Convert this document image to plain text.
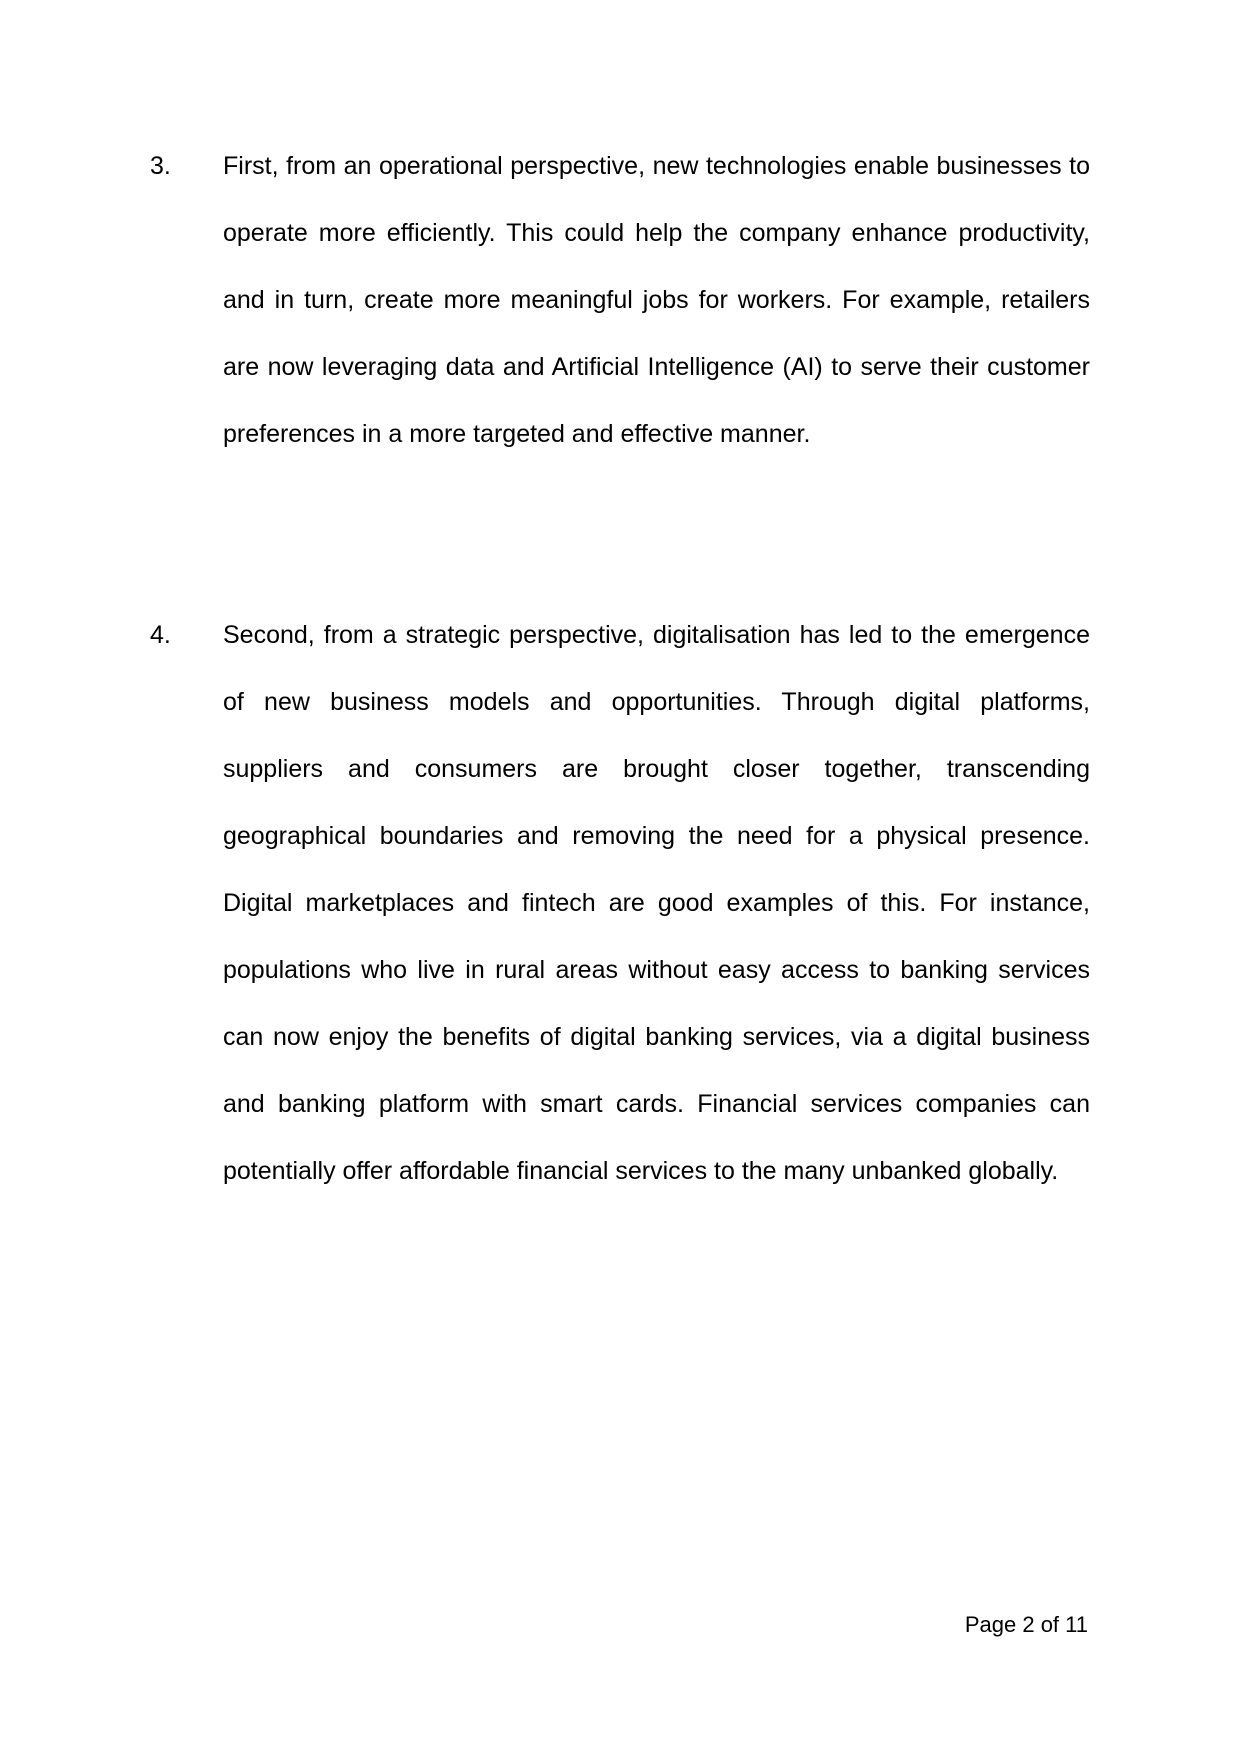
3. First, from an operational perspective, new technologies enable businesses to operate more efficiently. This could help the company enhance productivity, and in turn, create more meaningful jobs for workers. For example, retailers are now leveraging data and Artificial Intelligence (AI) to serve their customer preferences in a more targeted and effective manner.

4. Second, from a strategic perspective, digitalisation has led to the emergence of new business models and opportunities. Through digital platforms, suppliers and consumers are brought closer together, transcending geographical boundaries and removing the need for a physical presence. Digital marketplaces and fintech are good examples of this. For instance, populations who live in rural areas without easy access to banking services can now enjoy the benefits of digital banking services, via a digital business and banking platform with smart cards. Financial services companies can potentially offer affordable financial services to the many unbanked globally.

Page 2 of 11
